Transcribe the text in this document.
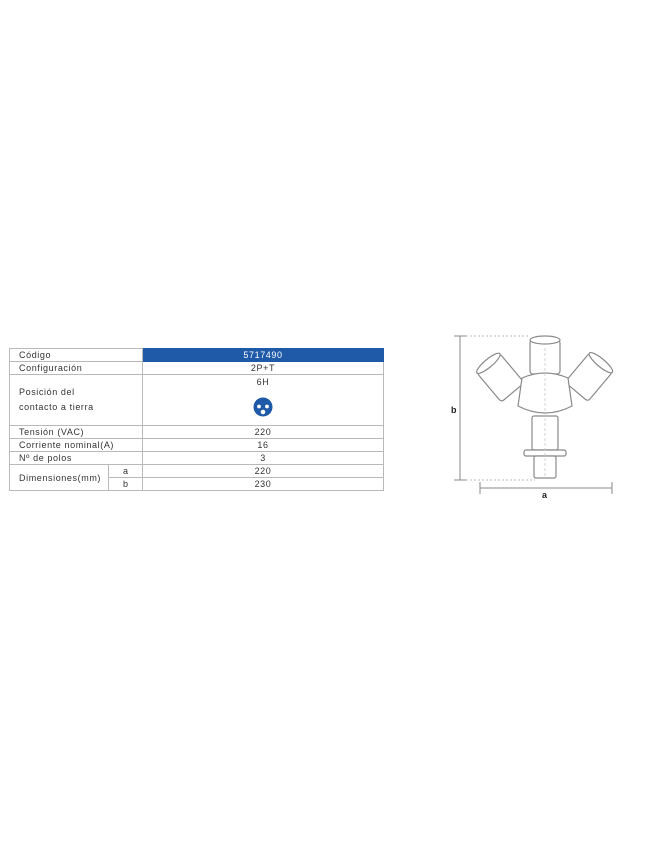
Código		5717490
Configuración		2P+T

Posición del
contacto a tierra		6H

Tensión (VAC)		220
Corriente nominal(A)		16
Nº de polos		3
Dimensiones(mm)	a	220
	b	230
b
a
